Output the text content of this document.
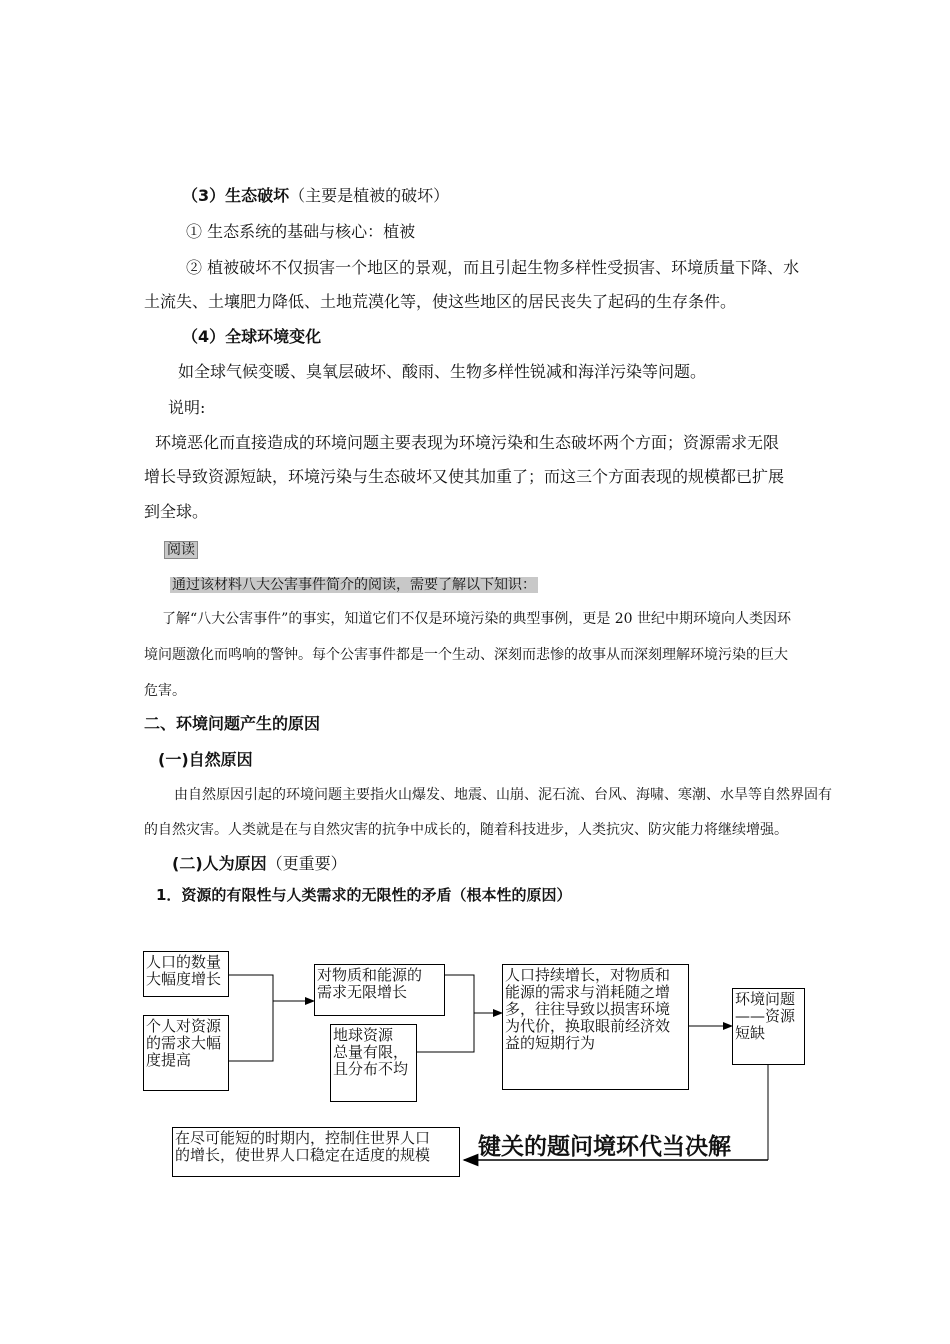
（3）生态破坏（主要是植被的破坏）
① 生态系统的基础与核心：植被
② 植被破坏不仅损害一个地区的景观，而且引起生物多样性受损害、环境质量下降、水
土流失、土壤肥力降低、土地荒漠化等，使这些地区的居民丧失了起码的生存条件。
（4）全球环境变化
如全球气候变暖、臭氧层破坏、酸雨、生物多样性锐减和海洋污染等问题。
说明:
环境恶化而直接造成的环境问题主要表现为环境污染和生态破坏两个方面；资源需求无限
增长导致资源短缺，环境污染与生态破坏又使其加重了；而这三个方面表现的规模都已扩展
到全球。
阅读
通过该材料八大公害事件简介的阅读，需要了解以下知识：
了解“八大公害事件”的事实，知道它们不仅是环境污染的典型事例，更是 20 世纪中期环境向人类因环
境问题激化而鸣响的警钟。每个公害事件都是一个生动、深刻而悲惨的故事从而深刻理解环境污染的巨大
危害。
二、环境问题产生的原因
(一)自然原因
由自然原因引起的环境问题主要指火山爆发、地震、山崩、泥石流、台风、海啸、寒潮、水旱等自然界固有
的自然灾害。人类就是在与自然灾害的抗争中成长的，随着科技进步，人类抗灾、防灾能力将继续增强。
(二)人为原因（更重要）
1．资源的有限性与人类需求的无限性的矛盾（根本性的原因）
人口的数量
大幅度增长
个人对资源
的需求大幅
度提高
对物质和能源的
需求无限增长
地球资源
总量有限，
且分布不均
人口持续增长，对物质和
能源的需求与消耗随之增
多，往往导致以损害环境
为代价，换取眼前经济效
益的短期行为
环境问题
——资源
短缺
在尽可能短的时期内，控制住世界人口
的增长，使世界人口稳定在适度的规模	键关的题问境环代当决解
